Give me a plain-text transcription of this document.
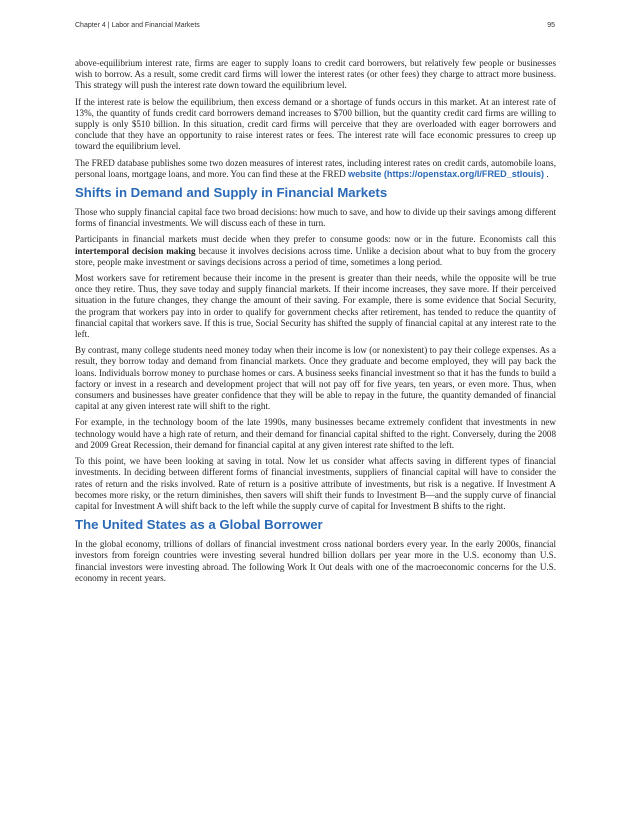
Chapter 4 | Labor and Financial Markets	95

above-equilibrium interest rate, firms are eager to supply loans to credit card borrowers, but relatively few people or businesses wish to borrow. As a result, some credit card firms will lower the interest rates (or other fees) they charge to attract more business. This strategy will push the interest rate down toward the equilibrium level.

If the interest rate is below the equilibrium, then excess demand or a shortage of funds occurs in this market. At an interest rate of 13%, the quantity of funds credit card borrowers demand increases to $700 billion, but the quantity credit card firms are willing to supply is only $510 billion. In this situation, credit card firms will perceive that they are overloaded with eager borrowers and conclude that they have an opportunity to raise interest rates or fees. The interest rate will face economic pressures to creep up toward the equilibrium level.

The FRED database publishes some two dozen measures of interest rates, including interest rates on credit cards, automobile loans, personal loans, mortgage loans, and more. You can find these at the FRED website (https://openstax.org/l/FRED_stlouis) .

Shifts in Demand and Supply in Financial Markets

Those who supply financial capital face two broad decisions: how much to save, and how to divide up their savings among different forms of financial investments. We will discuss each of these in turn.

Participants in financial markets must decide when they prefer to consume goods: now or in the future. Economists call this intertemporal decision making because it involves decisions across time. Unlike a decision about what to buy from the grocery store, people make investment or savings decisions across a period of time, sometimes a long period.

Most workers save for retirement because their income in the present is greater than their needs, while the opposite will be true once they retire. Thus, they save today and supply financial markets. If their income increases, they save more. If their perceived situation in the future changes, they change the amount of their saving. For example, there is some evidence that Social Security, the program that workers pay into in order to qualify for government checks after retirement, has tended to reduce the quantity of financial capital that workers save. If this is true, Social Security has shifted the supply of financial capital at any interest rate to the left.

By contrast, many college students need money today when their income is low (or nonexistent) to pay their college expenses. As a result, they borrow today and demand from financial markets. Once they graduate and become employed, they will pay back the loans. Individuals borrow money to purchase homes or cars. A business seeks financial investment so that it has the funds to build a factory or invest in a research and development project that will not pay off for five years, ten years, or even more. Thus, when consumers and businesses have greater confidence that they will be able to repay in the future, the quantity demanded of financial capital at any given interest rate will shift to the right.

For example, in the technology boom of the late 1990s, many businesses became extremely confident that investments in new technology would have a high rate of return, and their demand for financial capital shifted to the right. Conversely, during the 2008 and 2009 Great Recession, their demand for financial capital at any given interest rate shifted to the left.

To this point, we have been looking at saving in total. Now let us consider what affects saving in different types of financial investments. In deciding between different forms of financial investments, suppliers of financial capital will have to consider the rates of return and the risks involved. Rate of return is a positive attribute of investments, but risk is a negative. If Investment A becomes more risky, or the return diminishes, then savers will shift their funds to Investment B—and the supply curve of financial capital for Investment A will shift back to the left while the supply curve of capital for Investment B shifts to the right.

The United States as a Global Borrower

In the global economy, trillions of dollars of financial investment cross national borders every year. In the early 2000s, financial investors from foreign countries were investing several hundred billion dollars per year more in the U.S. economy than U.S. financial investors were investing abroad. The following Work It Out deals with one of the macroeconomic concerns for the U.S. economy in recent years.
